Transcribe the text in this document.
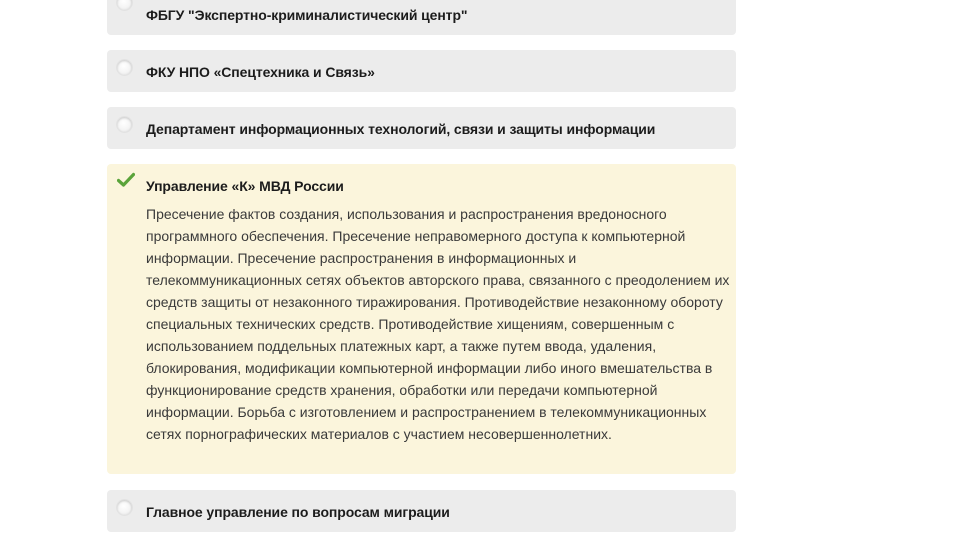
ФБГУ "Экспертно-криминалистический центр"
ФКУ НПО «Спецтехника и Связь»
Департамент информационных технологий, связи и защиты информации
Управление «К» МВД России

Пресечение фактов создания, использования и распространения вредоносного программного обеспечения. Пресечение неправомерного доступа к компьютерной информации. Пресечение распространения в информационных и телекоммуникационных сетях объектов авторского права, связанного с преодолением их средств защиты от незаконного тиражирования. Противодействие незаконному обороту специальных технических средств. Противодействие хищениям, совершенным с использованием поддельных платежных карт, а также путем ввода, удаления, блокирования, модификации компьютерной информации либо иного вмешательства в функционирование средств хранения, обработки или передачи компьютерной информации. Борьба с изготовлением и распространением в телекоммуникационных сетях порнографических материалов с участием несовершеннолетних.

Главное управление по вопросам миграции
